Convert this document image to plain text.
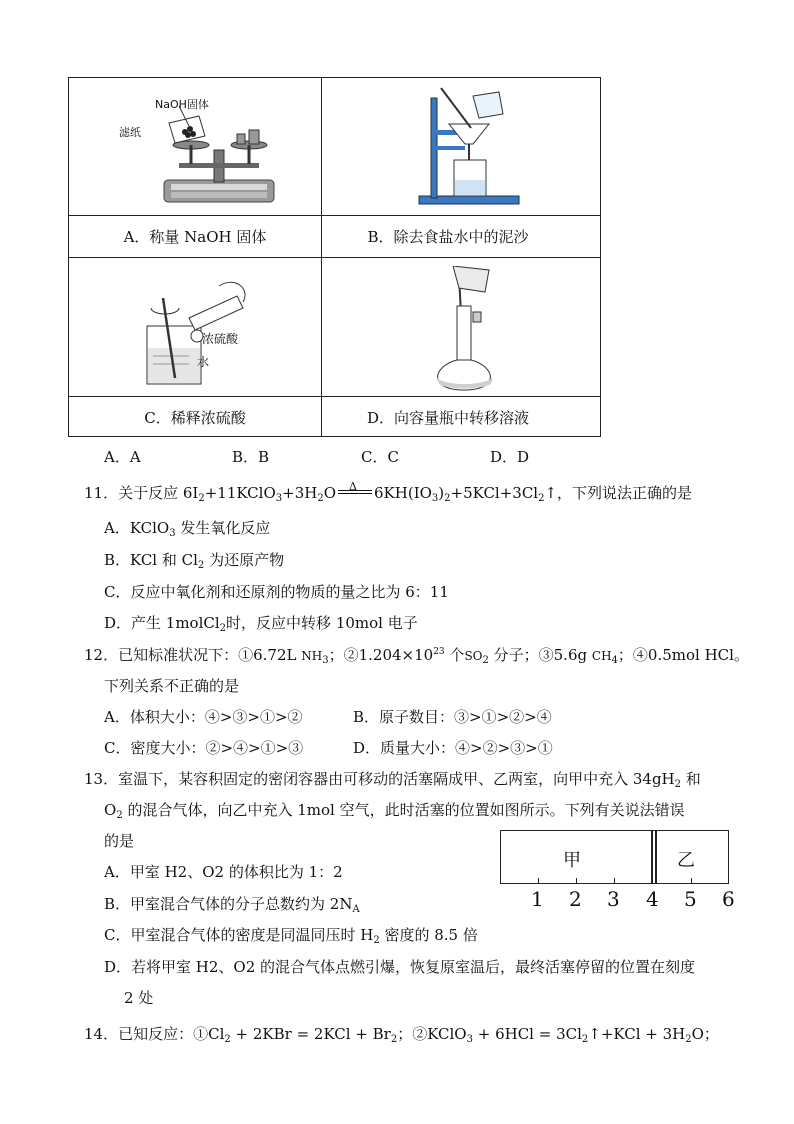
NaOH固体
滤纸
浓硫酸
水
A．称量 NaOH 固体	B．除去食盐水中的泥沙
C．稀释浓硫酸	D．向容量瓶中转移溶液
A．A	B．B	C．C	D．D
11．关于反应 $6I_2+11KClO_3+3H_2O$ Δ $6KH(IO_3)_2+5KCl+3Cl_2↑$，下列说法正确的是
A．KClO$_3$ 发生氧化反应
B．KCl 和 $Cl_2$ 为还原产物
C．反应中氧化剂和还原剂的物质的量之比为 6：11
D．产生 1molCl$_2$时，反应中转移 10mol 电子
12．已知标准状况下：①6.72L $NH_3$；$②1.204\times 10^{23}$ 个$SO_2$ 分子；③5.6g $CH_4$；④0.5mol HCl。
下列关系不正确的是
A．体积大小：④>③>①>②	B．原子数目：③>①>②>④
C．密度大小：②>④>①>③	D．质量大小：④>②>③>①
13．室温下，某容积固定的密闭容器由可移动的活塞隔成甲、乙两室，向甲中充入 $34gH_2$ 和
$O_2$ 的混合气体，向乙中充入 1mol 空气，此时活塞的位置如图所示。下列有关说法错误
的是
A．甲室 H2、O2 的体积比为 1：2
B．甲室混合气体的分子总数约为 $2N_A$
C．甲室混合气体的密度是同温同压时 $H_2$ 密度的 8.5 倍
D．若将甲室 H2、O2 的混合气体点燃引爆，恢复原室温后，最终活塞停留的位置在刻度
2 处
甲	乙
1 2 3 4 5 6
14．已知反应：$①Cl_2 + 2KBr = 2KCl + Br_2$；②KClO$_3$ + $6HCl = 3Cl_2↑+KCl + 3H_2O$；
